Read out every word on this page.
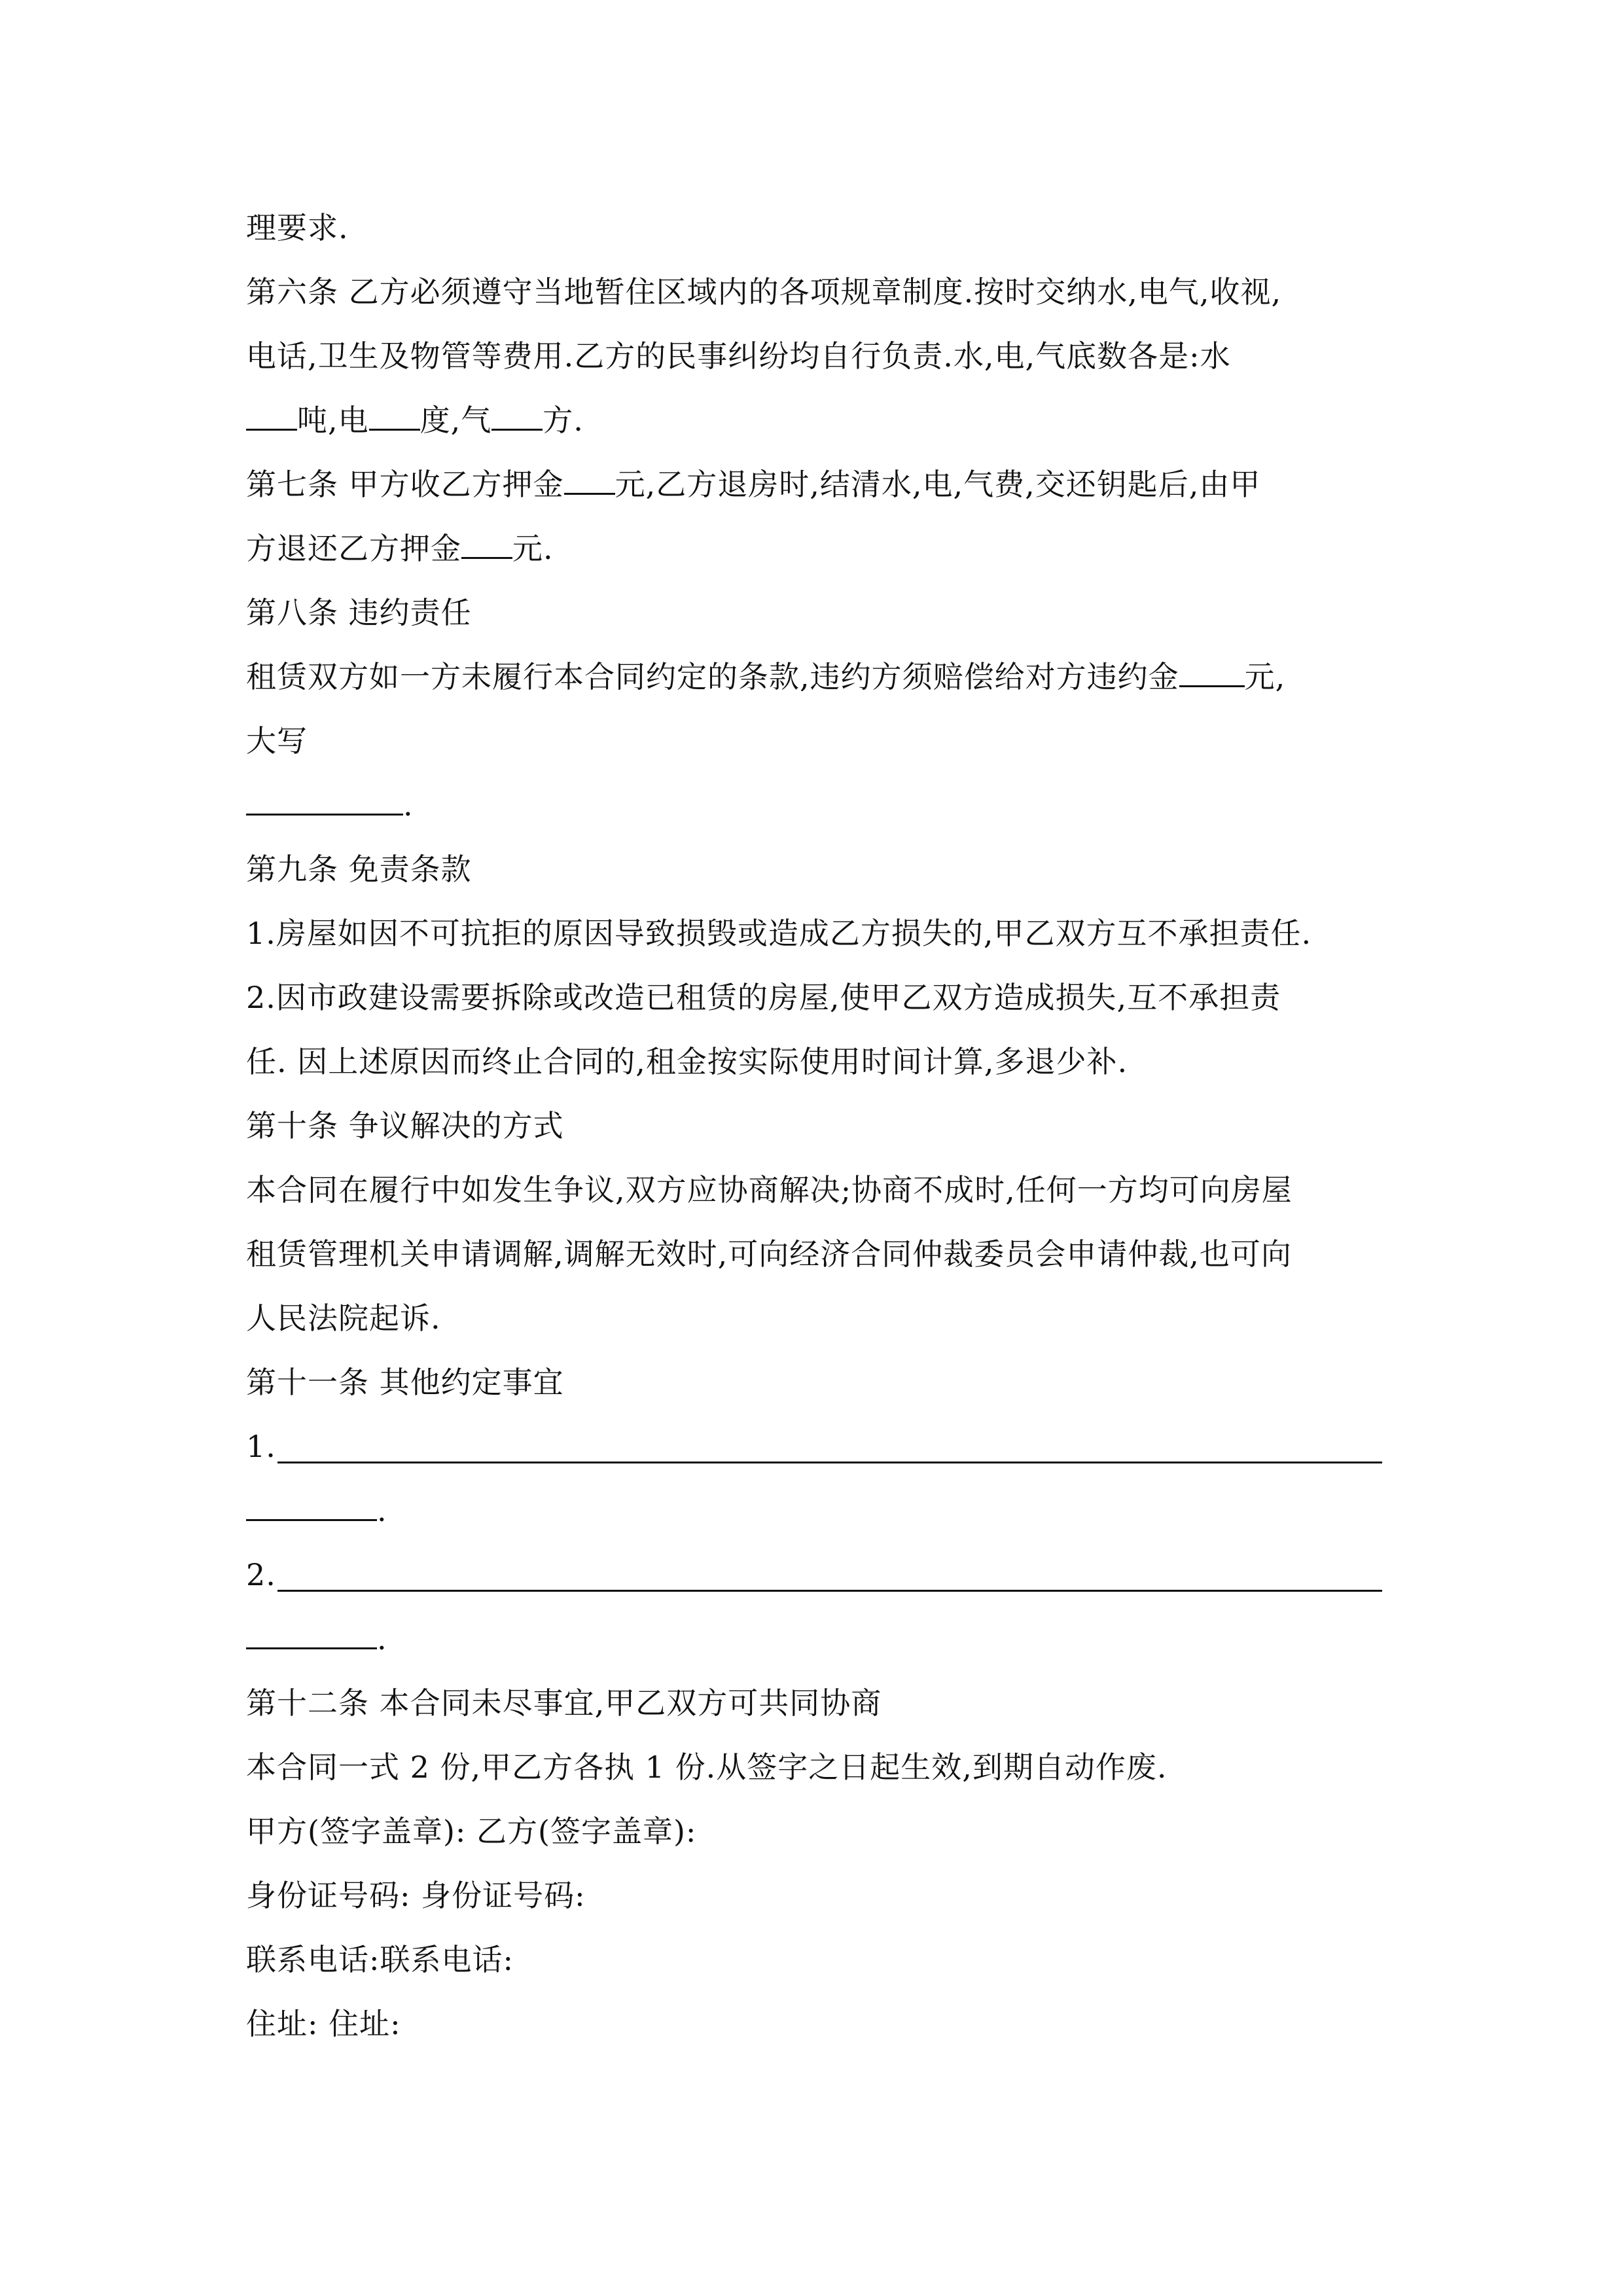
理要求.
第六条 乙方必须遵守当地暂住区域内的各项规章制度.按时交纳水,电气,收视,
电话,卫生及物管等费用.乙方的民事纠纷均自行负责.水,电,气底数各是:水
吨,电 度,气 方.
第七条 甲方收乙方押金 元,乙方退房时,结清水,电,气费,交还钥匙后,由甲
方退还乙方押金 元.
第八条 违约责任
租赁双方如一方未履行本合同约定的条款,违约方须赔偿给对方违约金 元,
大写
.
第九条 免责条款
1.房屋如因不可抗拒的原因导致损毁或造成乙方损失的,甲乙双方互不承担责任.
2.因市政建设需要拆除或改造已租赁的房屋,使甲乙双方造成损失,互不承担责
任. 因上述原因而终止合同的,租金按实际使用时间计算,多退少补.
第十条 争议解决的方式
本合同在履行中如发生争议,双方应协商解决;协商不成时,任何一方均可向房屋
租赁管理机关申请调解,调解无效时,可向经济合同仲裁委员会申请仲裁,也可向
人民法院起诉.
第十一条 其他约定事宜
1.
.
2.
.
第十二条 本合同未尽事宜,甲乙双方可共同协商
本合同一式 2 份,甲乙方各执 1 份.从签字之日起生效,到期自动作废.
甲方(签字盖章): 乙方(签字盖章):
身份证号码: 身份证号码:
联系电话:联系电话:
住址: 住址:
